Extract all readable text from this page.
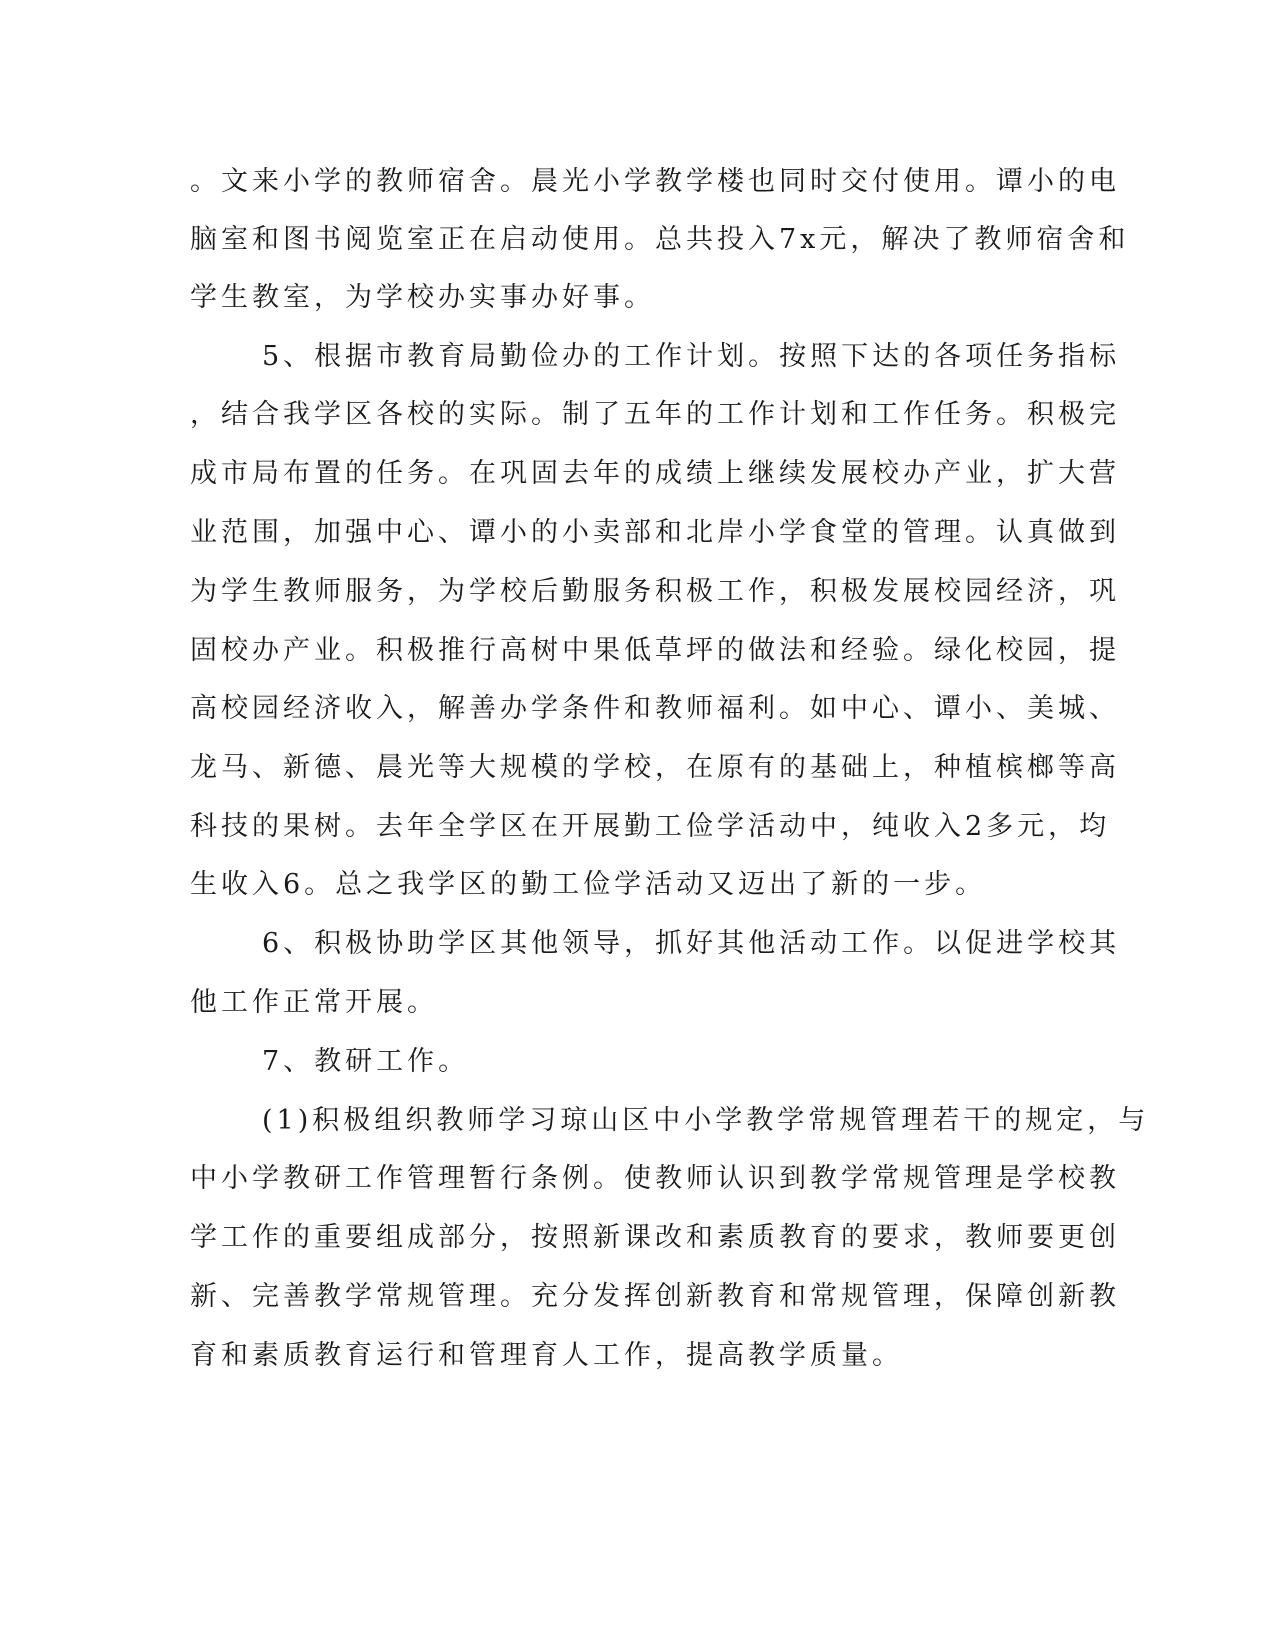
。文来小学的教师宿舍。晨光小学教学楼也同时交付使用。谭小的电

脑室和图书阅览室正在启动使用。总共投入7x元，解决了教师宿舍和

学生教室，为学校办实事办好事。

5、根据市教育局勤俭办的工作计划。按照下达的各项任务指标

，结合我学区各校的实际。制了五年的工作计划和工作任务。积极完

成市局布置的任务。在巩固去年的成绩上继续发展校办产业，扩大营

业范围，加强中心、谭小的小卖部和北岸小学食堂的管理。认真做到

为学生教师服务，为学校后勤服务积极工作，积极发展校园经济，巩

固校办产业。积极推行高树中果低草坪的做法和经验。绿化校园，提

高校园经济收入，解善办学条件和教师福利。如中心、谭小、美城、

龙马、新德、晨光等大规模的学校，在原有的基础上，种植槟榔等高

科技的果树。去年全学区在开展勤工俭学活动中，纯收入2多元，均

生收入6。总之我学区的勤工俭学活动又迈出了新的一步。

6、积极协助学区其他领导，抓好其他活动工作。以促进学校其

他工作正常开展。

7、教研工作。

(1)积极组织教师学习琼山区中小学教学常规管理若干的规定，与

中小学教研工作管理暂行条例。使教师认识到教学常规管理是学校教

学工作的重要组成部分，按照新课改和素质教育的要求，教师要更创

新、完善教学常规管理。充分发挥创新教育和常规管理，保障创新教

育和素质教育运行和管理育人工作，提高教学质量。
